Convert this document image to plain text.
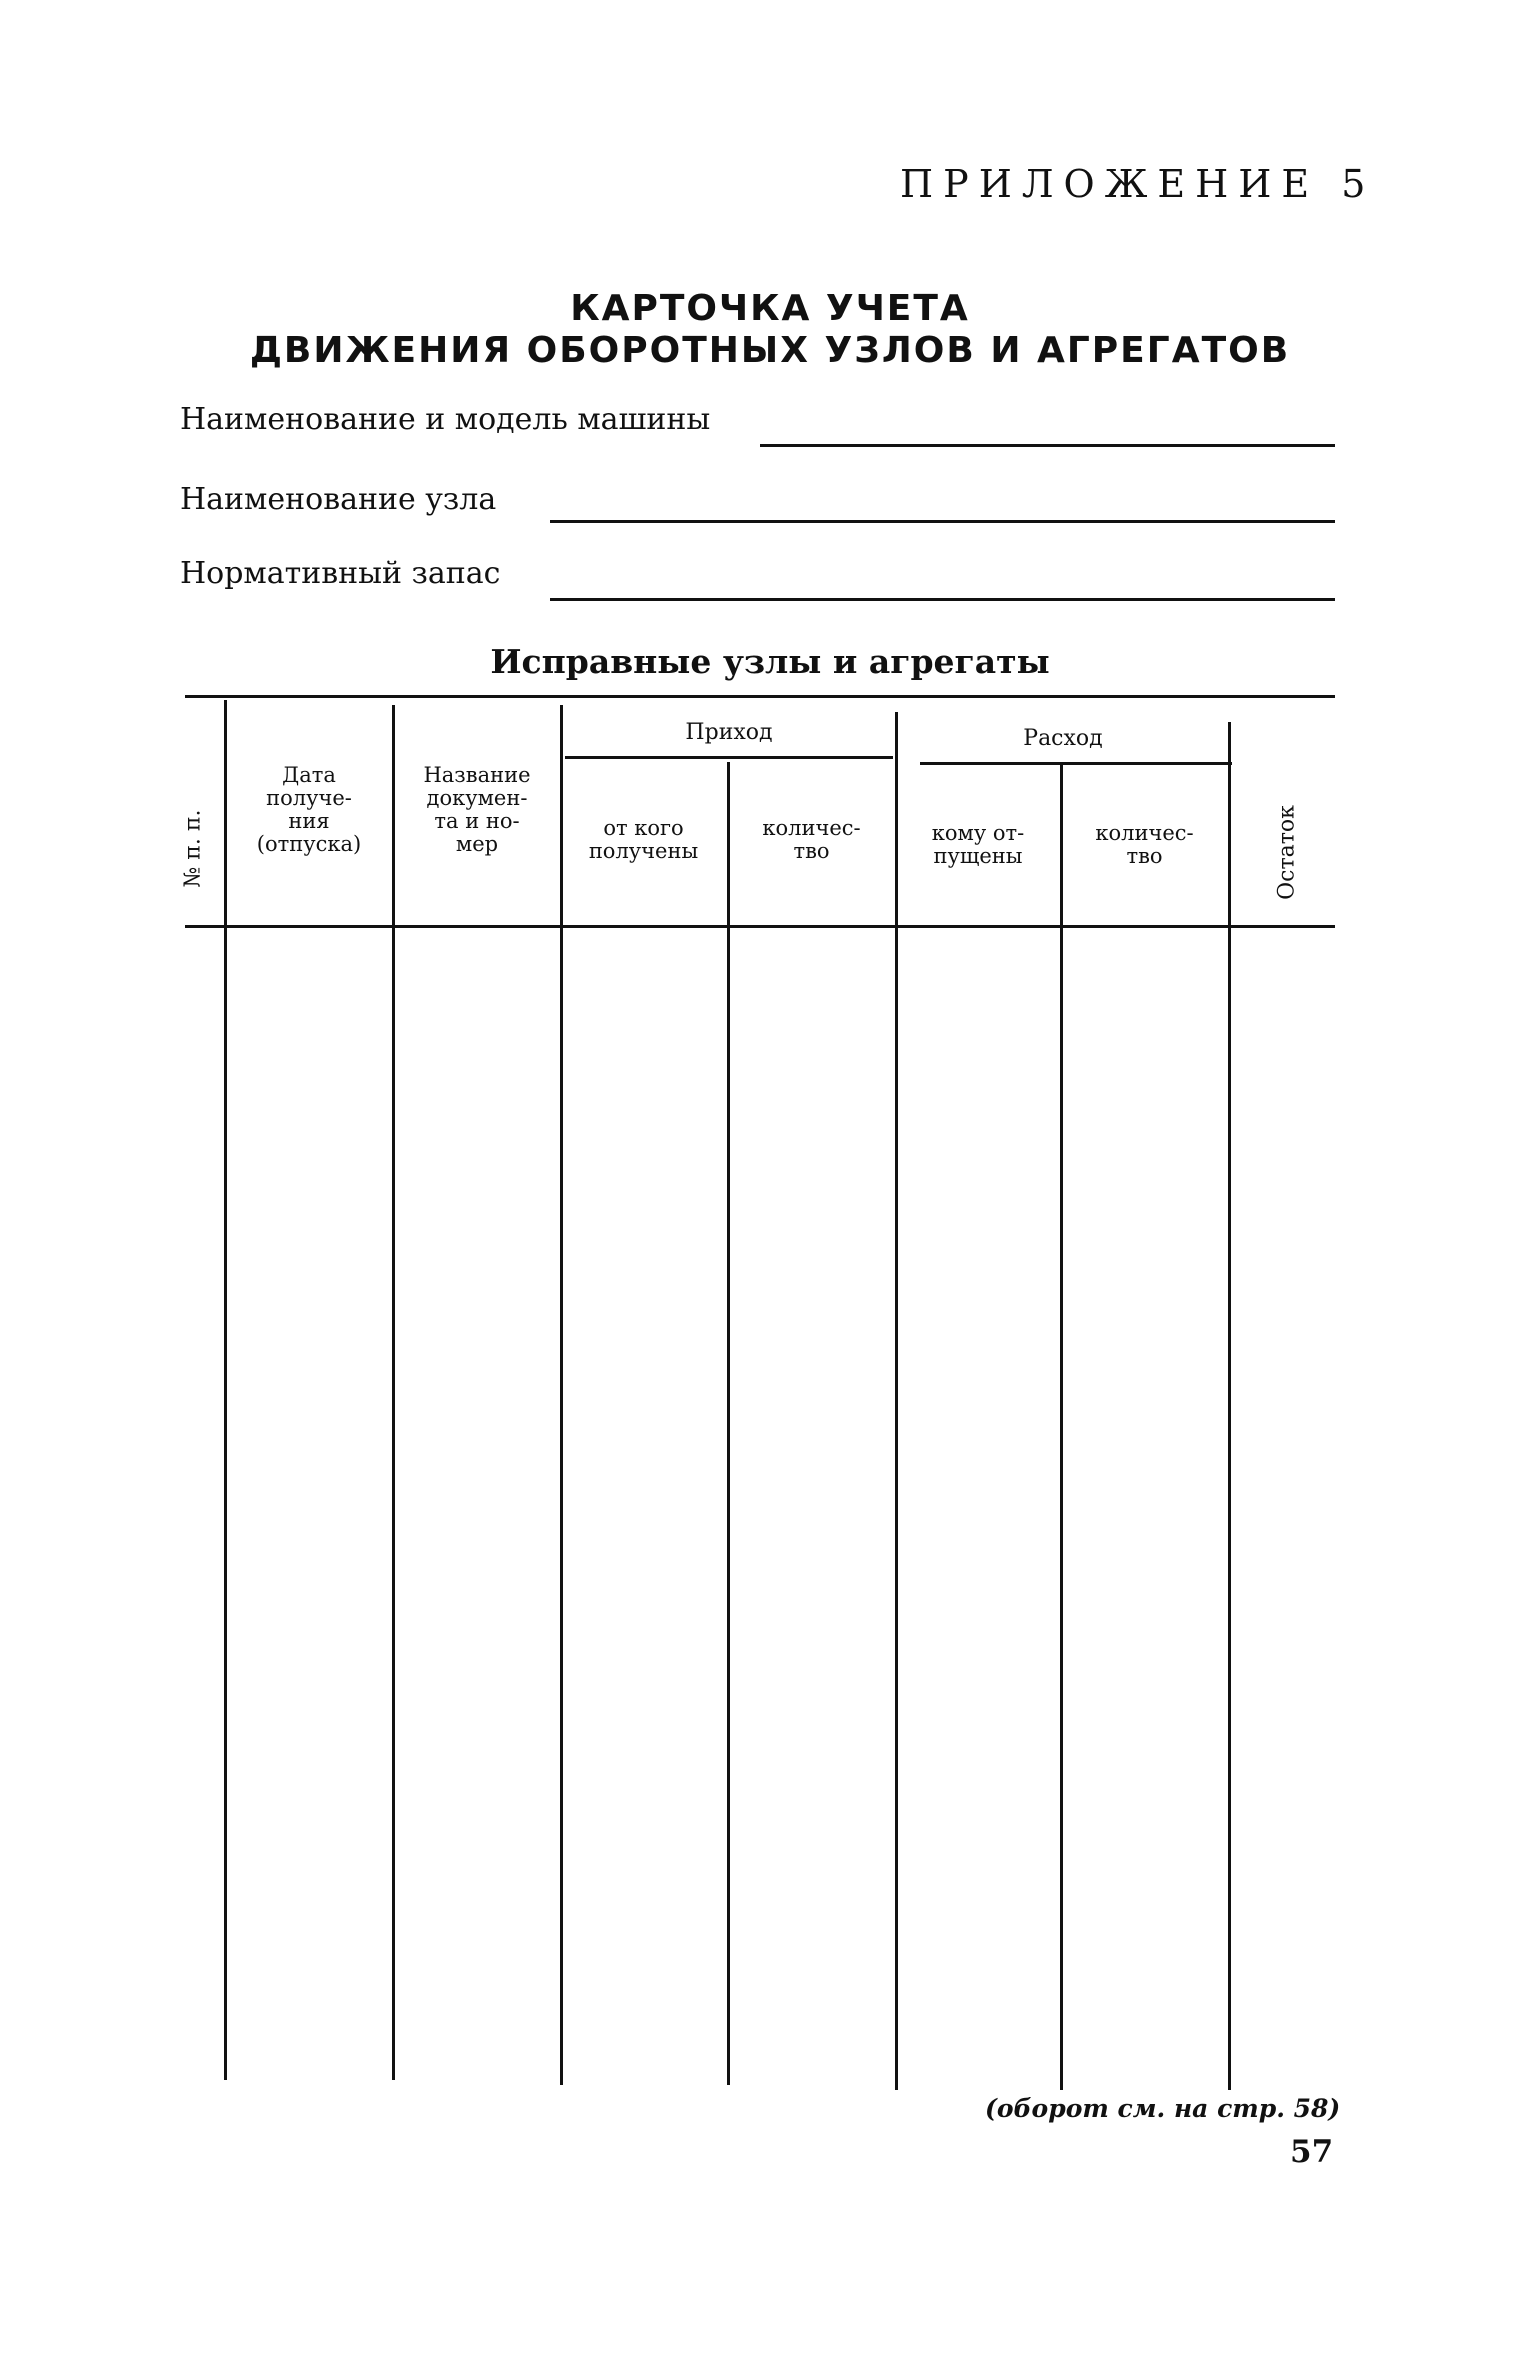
ПРИЛОЖЕНИЕ 5
КАРТОЧКА УЧЕТА
ДВИЖЕНИЯ ОБОРОТНЫХ УЗЛОВ И АГРЕГАТОВ
Наименование и модель машины
Наименование узла
Нормативный запас
Исправные узлы и агрегаты
№ п. п.
Дата
получе-
ния
(отпуска)
Название
докумен-
та и но-
мер
Приход
от кого
получены
количес-
тво
Расход
кому от-
пущены
количес-
тво	Остаток
(оборот см. на стр. 58)
57
